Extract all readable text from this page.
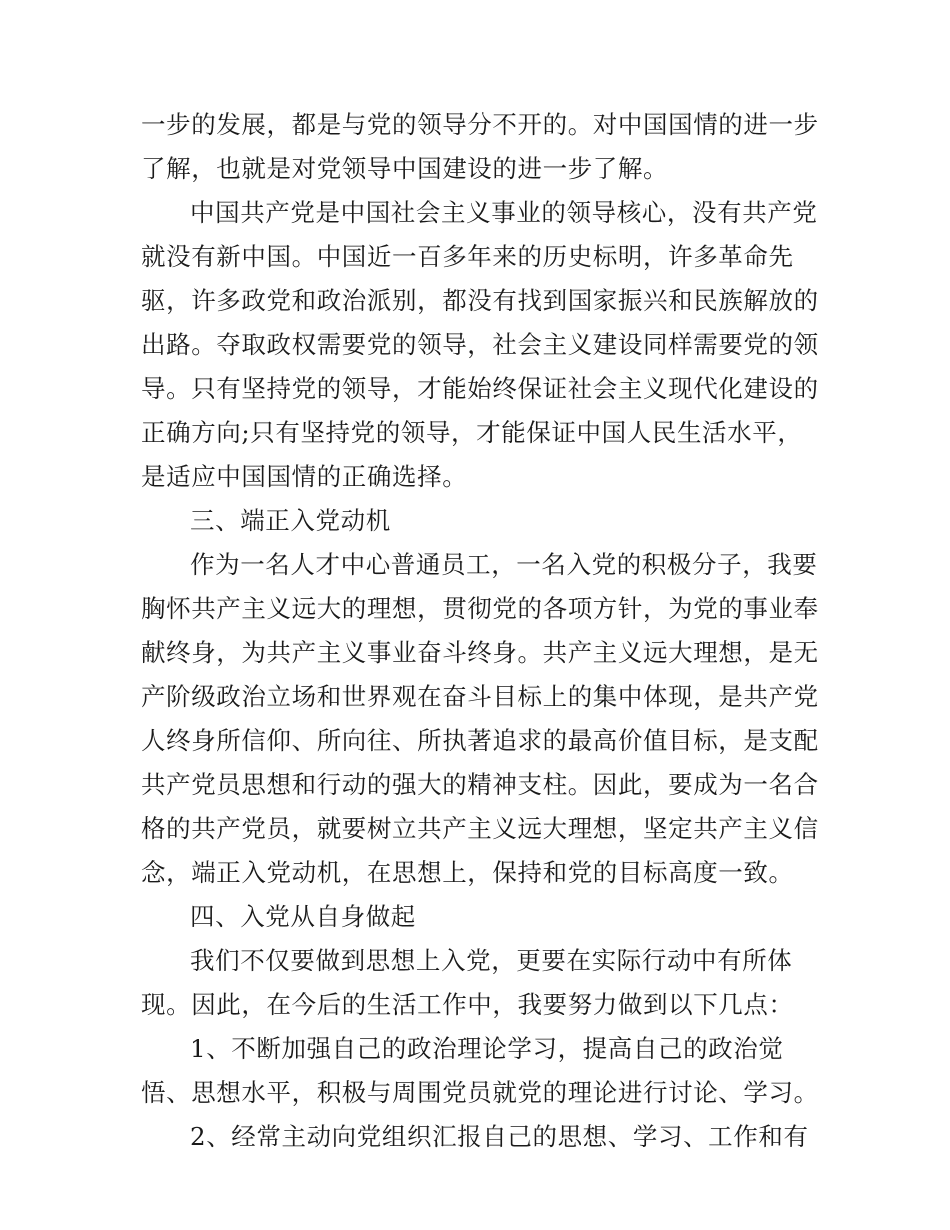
一步的发展，都是与党的领导分不开的。对中国国情的进一步
了解，也就是对党领导中国建设的进一步了解。
中国共产党是中国社会主义事业的领导核心，没有共产党
就没有新中国。中国近一百多年来的历史标明，许多革命先
驱，许多政党和政治派别，都没有找到国家振兴和民族解放的
出路。夺取政权需要党的领导，社会主义建设同样需要党的领
导。只有坚持党的领导，才能始终保证社会主义现代化建设的
正确方向;只有坚持党的领导，才能保证中国人民生活水平，
是适应中国国情的正确选择。
三、端正入党动机
作为一名人才中心普通员工，一名入党的积极分子，我要
胸怀共产主义远大的理想，贯彻党的各项方针，为党的事业奉
献终身，为共产主义事业奋斗终身。共产主义远大理想，是无
产阶级政治立场和世界观在奋斗目标上的集中体现，是共产党
人终身所信仰、所向往、所执著追求的最高价值目标，是支配
共产党员思想和行动的强大的精神支柱。因此，要成为一名合
格的共产党员，就要树立共产主义远大理想，坚定共产主义信
念，端正入党动机，在思想上，保持和党的目标高度一致。
四、入党从自身做起
我们不仅要做到思想上入党，更要在实际行动中有所体
现。因此，在今后的生活工作中，我要努力做到以下几点：
1、不断加强自己的政治理论学习，提高自己的政治觉
悟、思想水平，积极与周围党员就党的理论进行讨论、学习。
2、经常主动向党组织汇报自己的思想、学习、工作和有
